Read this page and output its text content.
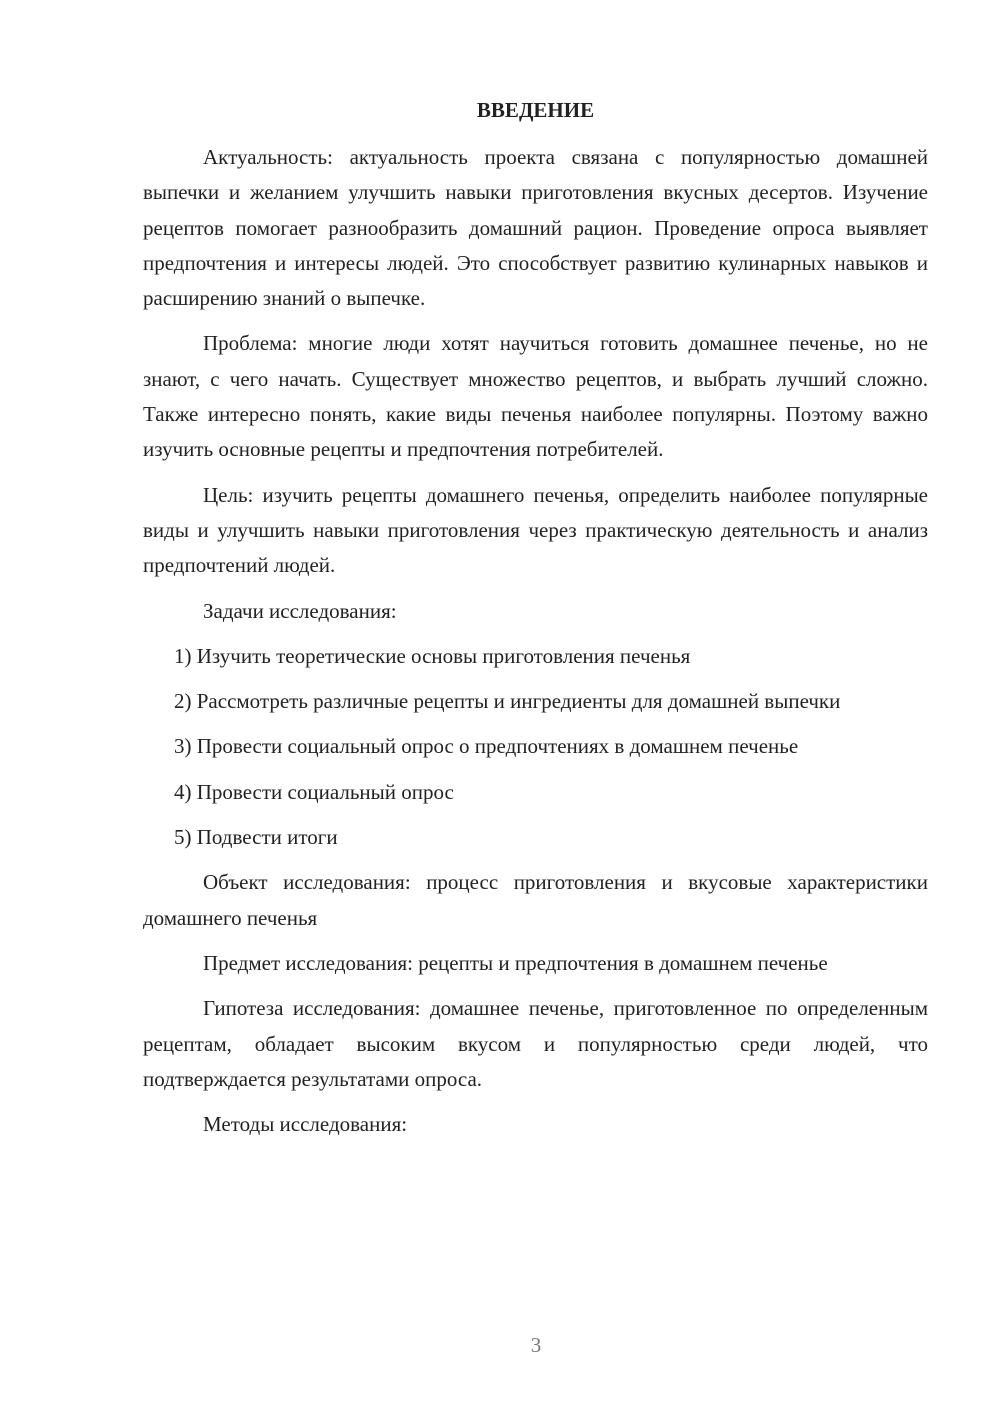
ВВЕДЕНИЕ

Актуальность: актуальность проекта связана с популярностью домашней выпечки и желанием улучшить навыки приготовления вкусных десертов. Изучение рецептов помогает разнообразить домашний рацион. Проведение опроса выявляет предпочтения и интересы людей. Это способствует развитию кулинарных навыков и расширению знаний о выпечке.

Проблема: многие люди хотят научиться готовить домашнее печенье, но не знают, с чего начать. Существует множество рецептов, и выбрать лучший сложно. Также интересно понять, какие виды печенья наиболее популярны. Поэтому важно изучить основные рецепты и предпочтения потребителей.

Цель: изучить рецепты домашнего печенья, определить наиболее популярные виды и улучшить навыки приготовления через практическую деятельность и анализ предпочтений людей.

Задачи исследования:

1) Изучить теоретические основы приготовления печенья

2) Рассмотреть различные рецепты и ингредиенты для домашней выпечки

3) Провести социальный опрос о предпочтениях в домашнем печенье

4) Провести социальный опрос

5) Подвести итоги

Объект исследования: процесс приготовления и вкусовые характеристики домашнего печенья

Предмет исследования: рецепты и предпочтения в домашнем печенье

Гипотеза исследования: домашнее печенье, приготовленное по определенным рецептам, обладает высоким вкусом и популярностью среди людей, что подтверждается результатами опроса.

Методы исследования:

3
